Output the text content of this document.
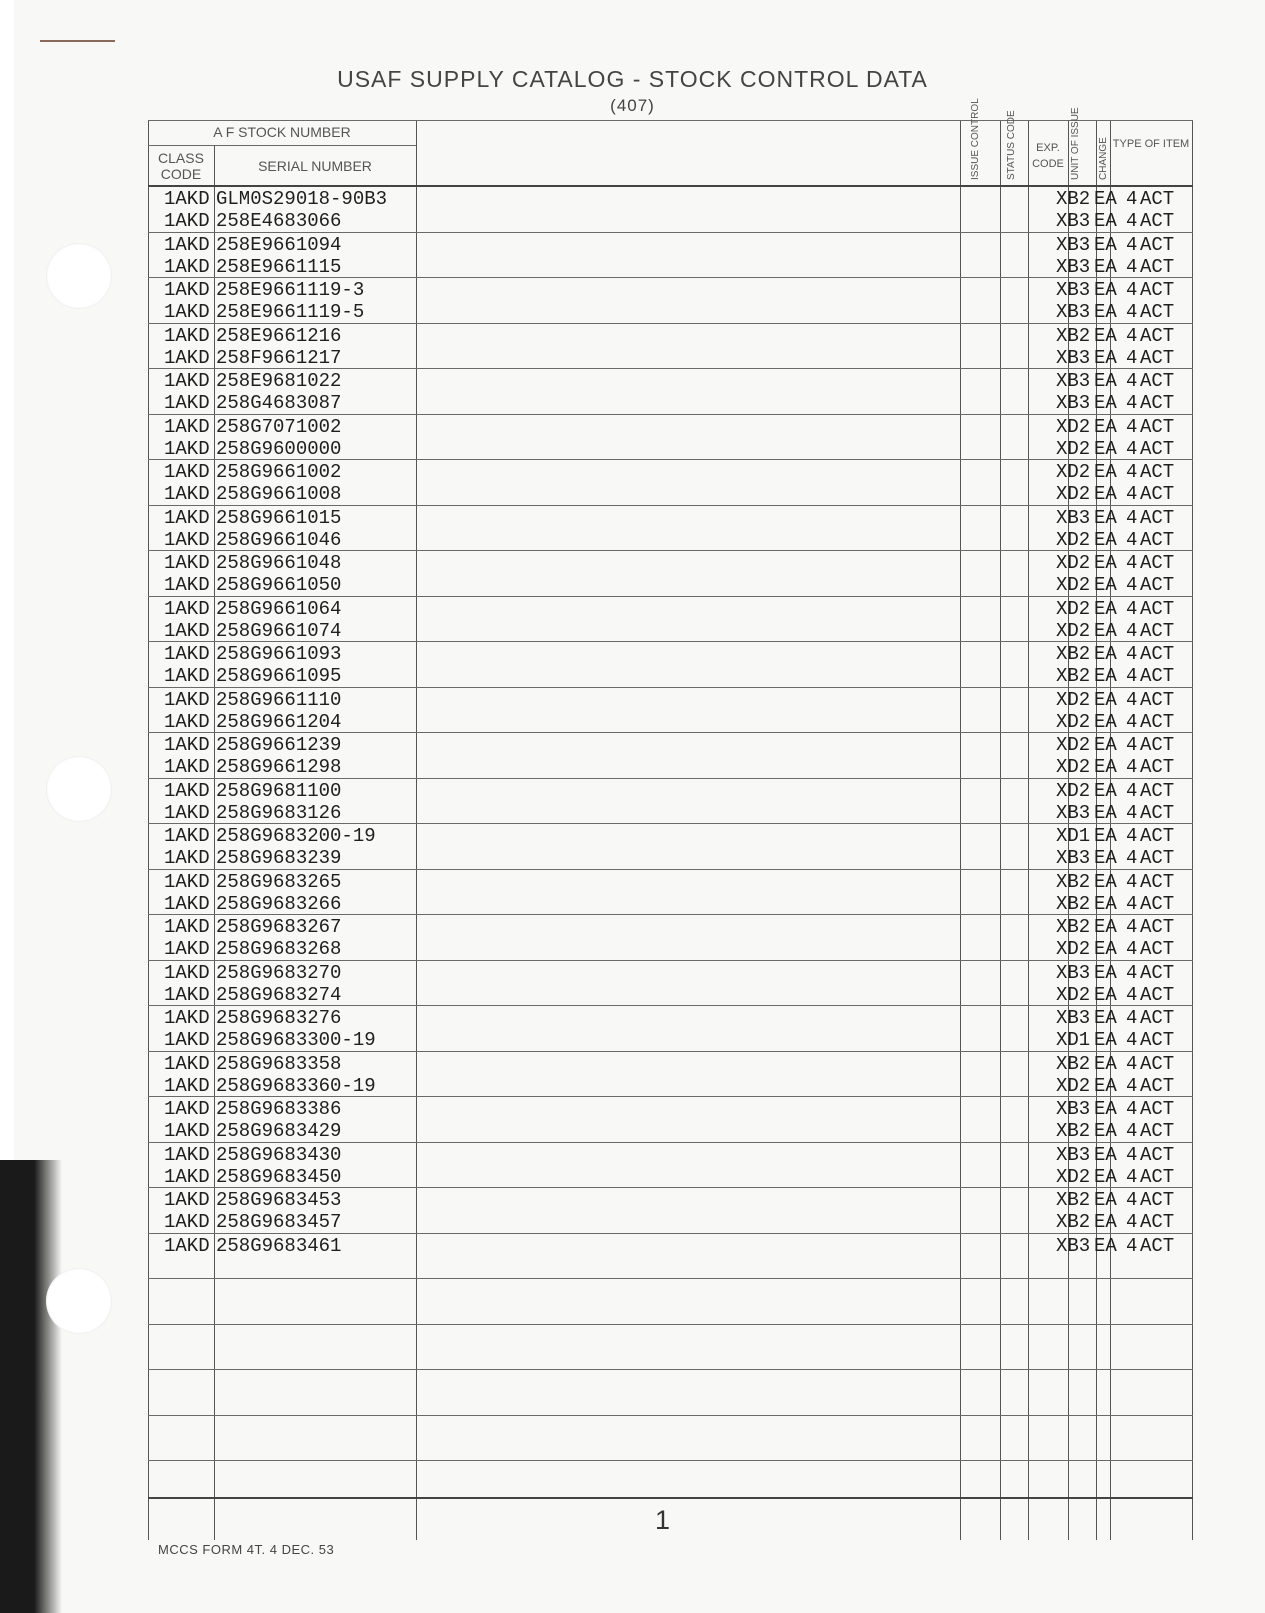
USAF SUPPLY CATALOG - STOCK CONTROL DATA
(407)
A F STOCK NUMBER
CLASS CODE	SERIAL NUMBER	ISSUE CONTROL	STATUS CODE	EXP. CODE UNIT OF ISSUE CHANGE TYPE OF ITEM
1AKD GLM0S29018-90B3	XB2 EA 4 ACT
1AKD 258E4683066	XB3 EA 4 ACT
1AKD 258E9661094	XB3 EA 4 ACT
1AKD 258E9661115	XB3 EA 4 ACT
1AKD 258E9661119-3	XB3 EA 4 ACT
1AKD 258E9661119-5	XB3 EA 4 ACT
1AKD 258E9661216	XB2 EA 4 ACT
1AKD 258F9661217	XB3 EA 4 ACT
1AKD 258E9681022	XB3 EA 4 ACT
1AKD 258G4683087	XB3 EA 4 ACT
1AKD 258G7071002	XD2 EA 4 ACT
1AKD 258G9600000	XD2 EA 4 ACT
1AKD 258G9661002	XD2 EA 4 ACT
1AKD 258G9661008	XD2 EA 4 ACT
1AKD 258G9661015	XB3 EA 4 ACT
1AKD 258G9661046	XD2 EA 4 ACT
1AKD 258G9661048	XD2 EA 4 ACT
1AKD 258G9661050	XD2 EA 4 ACT
1AKD 258G9661064	XD2 EA 4 ACT
1AKD 258G9661074	XD2 EA 4 ACT
1AKD 258G9661093	XB2 EA 4 ACT
1AKD 258G9661095	XB2 EA 4 ACT
1AKD 258G9661110	XD2 EA 4 ACT
1AKD 258G9661204	XD2 EA 4 ACT
1AKD 258G9661239	XD2 EA 4 ACT
1AKD 258G9661298	XD2 EA 4 ACT
1AKD 258G9681100	XD2 EA 4 ACT
1AKD 258G9683126	XB3 EA 4 ACT
1AKD 258G9683200-19	XD1 EA 4 ACT
1AKD 258G9683239	XB3 EA 4 ACT
1AKD 258G9683265	XB2 EA 4 ACT
1AKD 258G9683266	XB2 EA 4 ACT
1AKD 258G9683267	XB2 EA 4 ACT
1AKD 258G9683268	XD2 EA 4 ACT
1AKD 258G9683270	XB3 EA 4 ACT
1AKD 258G9683274	XD2 EA 4 ACT
1AKD 258G9683276	XB3 EA 4 ACT
1AKD 258G9683300-19	XD1 EA 4 ACT
1AKD 258G9683358	XB2 EA 4 ACT
1AKD 258G9683360-19	XD2 EA 4 ACT
1AKD 258G9683386	XB3 EA 4 ACT
1AKD 258G9683429	XB2 EA 4 ACT
1AKD 258G9683430	XB3 EA 4 ACT
1AKD 258G9683450	XD2 EA 4 ACT
1AKD 258G9683453	XB2 EA 4 ACT
1AKD 258G9683457	XB2 EA 4 ACT
1AKD 258G9683461	XB3 EA 4 ACT
1
MCCS FORM 4T. 4 DEC. 53
